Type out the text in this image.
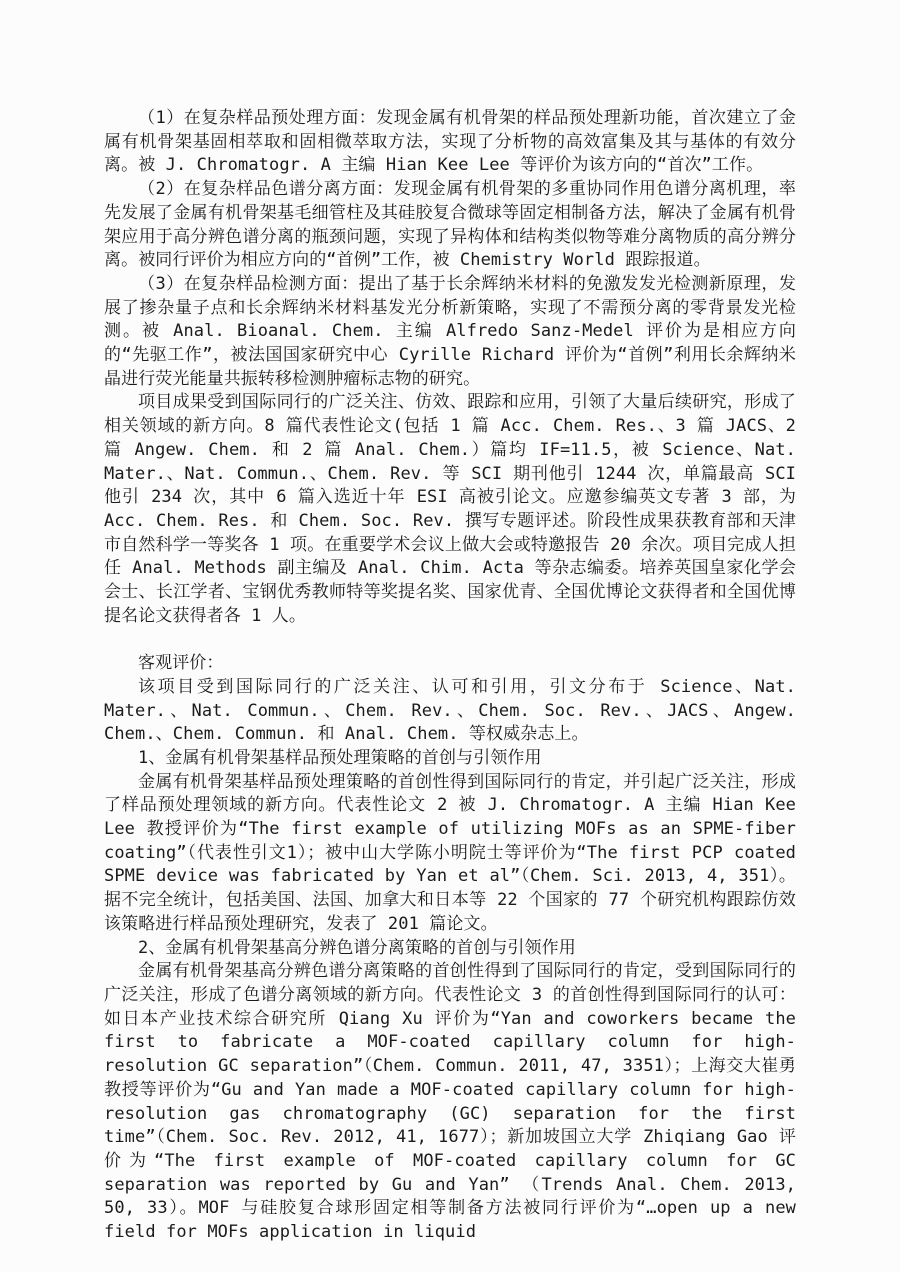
（1）在复杂样品预处理方面：发现金属有机骨架的样品预处理新功能，首次建立了金属有机骨架基固相萃取和固相微萃取方法，实现了分析物的高效富集及其与基体的有效分离。被 J. Chromatogr. A 主编 Hian Kee Lee 等评价为该方向的“首次”工作。

（2）在复杂样品色谱分离方面：发现金属有机骨架的多重协同作用色谱分离机理，率先发展了金属有机骨架基毛细管柱及其硅胶复合微球等固定相制备方法，解决了金属有机骨架应用于高分辨色谱分离的瓶颈问题，实现了异构体和结构类似物等难分离物质的高分辨分离。被同行评价为相应方向的“首例”工作，被 Chemistry World 跟踪报道。

（3）在复杂样品检测方面：提出了基于长余辉纳米材料的免激发发光检测新原理，发展了掺杂量子点和长余辉纳米材料基发光分析新策略，实现了不需预分离的零背景发光检测。被 Anal. Bioanal. Chem. 主编 Alfredo Sanz-Medel 评价为是相应方向的“先驱工作”，被法国国家研究中心 Cyrille Richard 评价为“首例”利用长余辉纳米晶进行荧光能量共振转移检测肿瘤标志物的研究。

项目成果受到国际同行的广泛关注、仿效、跟踪和应用，引领了大量后续研究，形成了相关领域的新方向。8 篇代表性论文(包括 1 篇 Acc. Chem. Res.、3 篇 JACS、2 篇 Angew. Chem. 和 2 篇 Anal. Chem.）篇均 IF=11.5，被 Science、Nat. Mater.、Nat. Commun.、Chem. Rev. 等 SCI 期刊他引 1244 次，单篇最高 SCI 他引 234 次，其中 6 篇入选近十年 ESI 高被引论文。应邀参编英文专著 3 部，为 Acc. Chem. Res. 和 Chem. Soc. Rev. 撰写专题评述。阶段性成果获教育部和天津市自然科学一等奖各 1 项。在重要学术会议上做大会或特邀报告 20 余次。项目完成人担任 Anal. Methods 副主编及 Anal. Chim. Acta 等杂志编委。培养英国皇家化学会会士、长江学者、宝钢优秀教师特等奖提名奖、国家优青、全国优博论文获得者和全国优博提名论文获得者各 1 人。

客观评价：

该项目受到国际同行的广泛关注、认可和引用，引文分布于 Science、Nat. Mater.、Nat. Commun.、Chem. Rev.、Chem. Soc. Rev.、JACS、Angew. Chem.、Chem. Commun. 和 Anal. Chem. 等权威杂志上。

1、金属有机骨架基样品预处理策略的首创与引领作用

金属有机骨架基样品预处理策略的首创性得到国际同行的肯定，并引起广泛关注，形成了样品预处理领域的新方向。代表性论文 2 被 J. Chromatogr. A 主编 Hian Kee Lee 教授评价为“The first example of utilizing MOFs as an SPME-fiber coating”（代表性引文1）；被中山大学陈小明院士等评价为“The first PCP coated SPME device was fabricated by Yan et al”（Chem. Sci. 2013, 4, 351）。据不完全统计，包括美国、法国、加拿大和日本等 22 个国家的 77 个研究机构跟踪仿效该策略进行样品预处理研究，发表了 201 篇论文。

2、金属有机骨架基高分辨色谱分离策略的首创与引领作用

金属有机骨架基高分辨色谱分离策略的首创性得到了国际同行的肯定，受到国际同行的广泛关注，形成了色谱分离领域的新方向。代表性论文 3 的首创性得到国际同行的认可：如日本产业技术综合研究所 Qiang Xu 评价为“Yan and coworkers became the first to fabricate a MOF-coated capillary column for high-resolution GC separation”（Chem. Commun. 2011, 47, 3351）；上海交大崔勇教授等评价为“Gu and Yan made a MOF-coated capillary column for high-resolution gas chromatography (GC) separation for the first time”（Chem. Soc. Rev. 2012, 41, 1677）；新加坡国立大学 Zhiqiang Gao 评价为“The first example of MOF-coated capillary column for GC separation was reported by Gu and Yan” （Trends Anal. Chem. 2013, 50, 33）。MOF 与硅胶复合球形固定相等制备方法被同行评价为“…open up a new field for MOFs application in liquid
